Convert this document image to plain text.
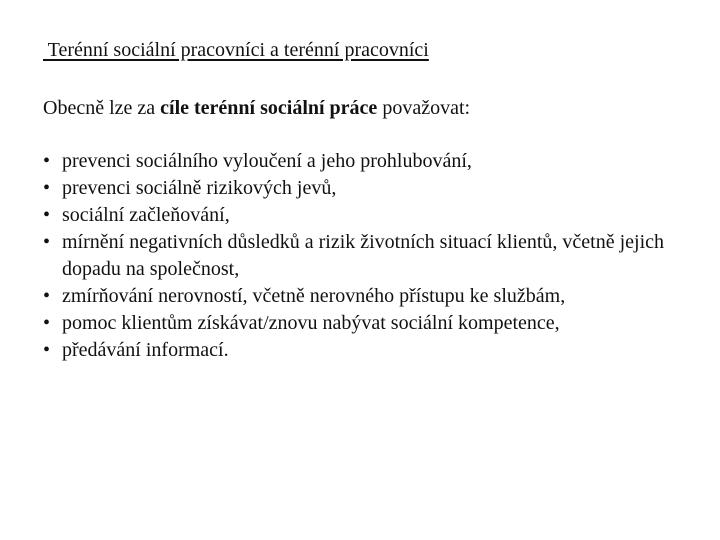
Terénní sociální pracovníci a terénní pracovníci
Obecně lze za cíle terénní sociální práce považovat:
• prevenci sociálního vyloučení a jeho prohlubování,
• prevenci sociálně rizikových jevů,
• sociální začleňování,
• mírnění negativních důsledků a rizik životních situací klientů, včetně jejich dopadu na společnost,
• zmírňování nerovností, včetně nerovného přístupu ke službám,
• pomoc klientům získávat/znovu nabývat sociální kompetence,
• předávání informací.
